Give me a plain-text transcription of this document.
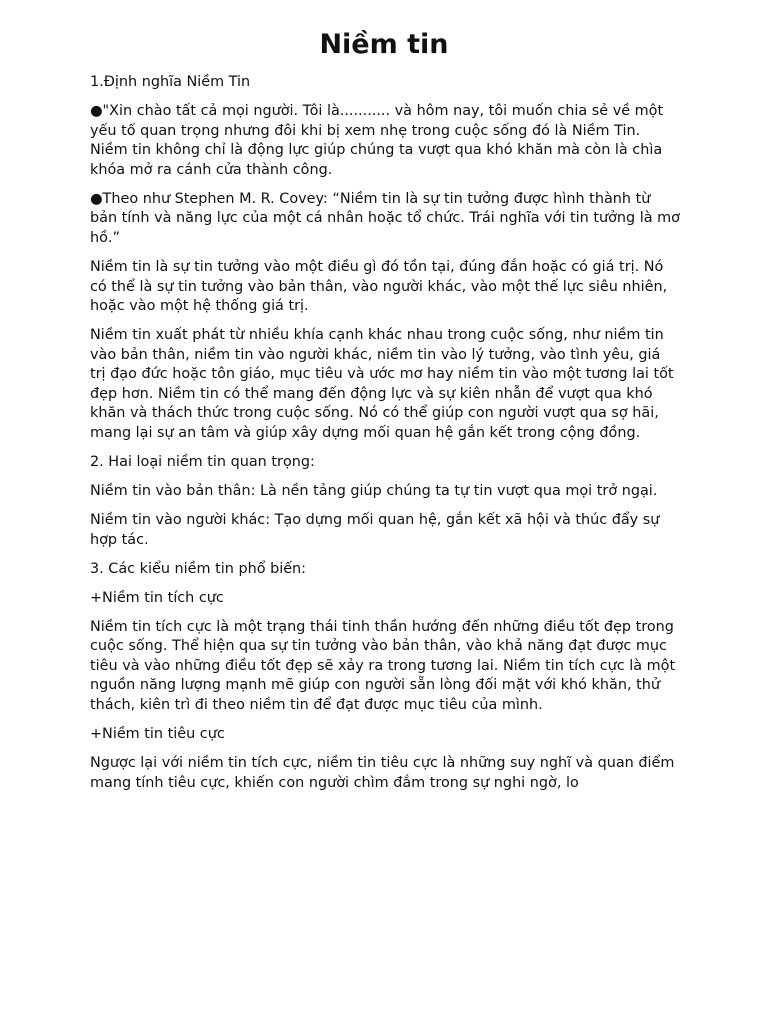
Niềm tin

1.Định nghĩa Niềm Tin

●"Xin chào tất cả mọi người. Tôi là........... và hôm nay, tôi muốn chia sẻ về một yếu tố quan trọng nhưng đôi khi bị xem nhẹ trong cuộc sống đó là Niềm Tin. Niềm tin không chỉ là động lực giúp chúng ta vượt qua khó khăn mà còn là chìa khóa mở ra cánh cửa thành công.

●Theo như Stephen M. R. Covey: “Niềm tin là sự tin tưởng được hình thành từ bản tính và năng lực của một cá nhân hoặc tổ chức. Trái nghĩa với tin tưởng là mơ hồ.”

Niềm tin là sự tin tưởng vào một điều gì đó tồn tại, đúng đắn hoặc có giá trị. Nó có thể là sự tin tưởng vào bản thân, vào người khác, vào một thế lực siêu nhiên, hoặc vào một hệ thống giá trị.

Niềm tin xuất phát từ nhiều khía cạnh khác nhau trong cuộc sống, như niềm tin vào bản thân, niềm tin vào người khác, niềm tin vào lý tưởng, vào tình yêu, giá trị đạo đức hoặc tôn giáo, mục tiêu và ước mơ hay niềm tin vào một tương lai tốt đẹp hơn. Niềm tin có thể mang đến động lực và sự kiên nhẫn để vượt qua khó khăn và thách thức trong cuộc sống. Nó có thể giúp con người vượt qua sợ hãi, mang lại sự an tâm và giúp xây dựng mối quan hệ gắn kết trong cộng đồng.

2. Hai loại niềm tin quan trọng:

Niềm tin vào bản thân: Là nền tảng giúp chúng ta tự tin vượt qua mọi trở ngại.

Niềm tin vào người khác: Tạo dựng mối quan hệ, gắn kết xã hội và thúc đẩy sự hợp tác.

3. Các kiểu niềm tin phổ biến:

+Niềm tin tích cực

Niềm tin tích cực là một trạng thái tinh thần hướng đến những điều tốt đẹp trong cuộc sống. Thể hiện qua sự tin tưởng vào bản thân, vào khả năng đạt được mục tiêu và vào những điều tốt đẹp sẽ xảy ra trong tương lai. Niềm tin tích cực là một nguồn năng lượng mạnh mẽ giúp con người sẵn lòng đối mặt với khó khăn, thử thách, kiên trì đi theo niềm tin để đạt được mục tiêu của mình.

+Niềm tin tiêu cực

Ngược lại với niềm tin tích cực, niềm tin tiêu cực là những suy nghĩ và quan điểm mang tính tiêu cực, khiến con người chìm đắm trong sự nghi ngờ, lo
